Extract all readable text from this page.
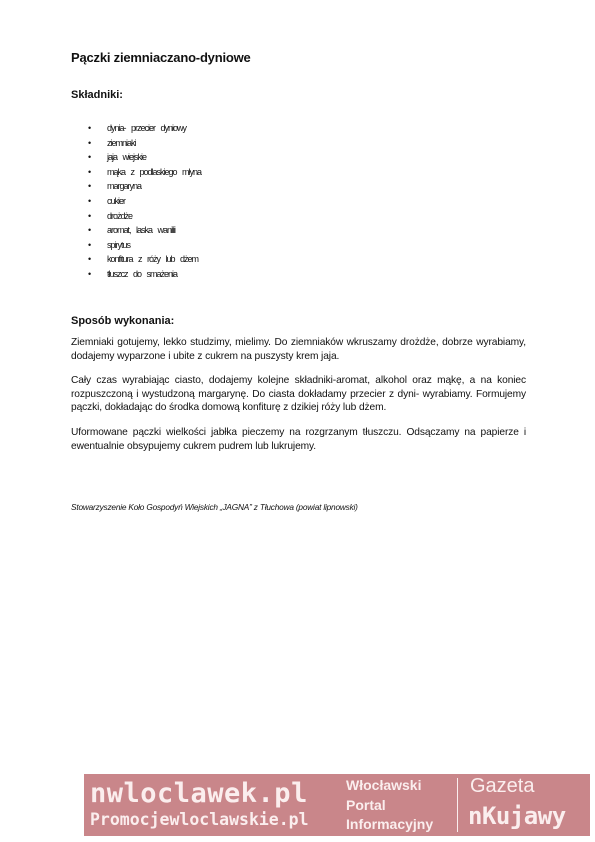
Pączki ziemniaczano-dyniowe
Składniki:
• dynia- przecier dyniowy
• ziemniaki
• jaja wiejskie
• mąka z podlaskiego młyna
• margaryna
• cukier
• drożdże
• aromat, laska wanilii
• spirytus
• konfitura z róży lub dżem
• tłuszcz do smażenia
Sposób wykonania:

Ziemniaki gotujemy, lekko studzimy, mielimy. Do ziemniaków wkruszamy drożdże, dobrze wyrabiamy, dodajemy wyparzone i ubite z cukrem na puszysty krem jaja.

Cały czas wyrabiając ciasto, dodajemy kolejne składniki-aromat, alkohol oraz mąkę, a na koniec rozpuszczoną i wystudzoną margarynę. Do ciasta dokładamy przecier z dyni- wyrabiamy. Formujemy pączki, dokładając do środka domową konfiturę z dzikiej róży lub dżem.

Uformowane pączki wielkości jabłka pieczemy na rozgrzanym tłuszczu. Odsączamy na papierze i ewentualnie obsypujemy cukrem pudrem lub lukrujemy.

Stowarzyszenie Koło Gospodyń Wiejskich „JAGNA” z Tłuchowa (powiat lipnowski)
nwloclawek.pl
Promocjewloclawskie.pl
Włocławski
Portal
Informacyjny
Gazeta
nKujawy
